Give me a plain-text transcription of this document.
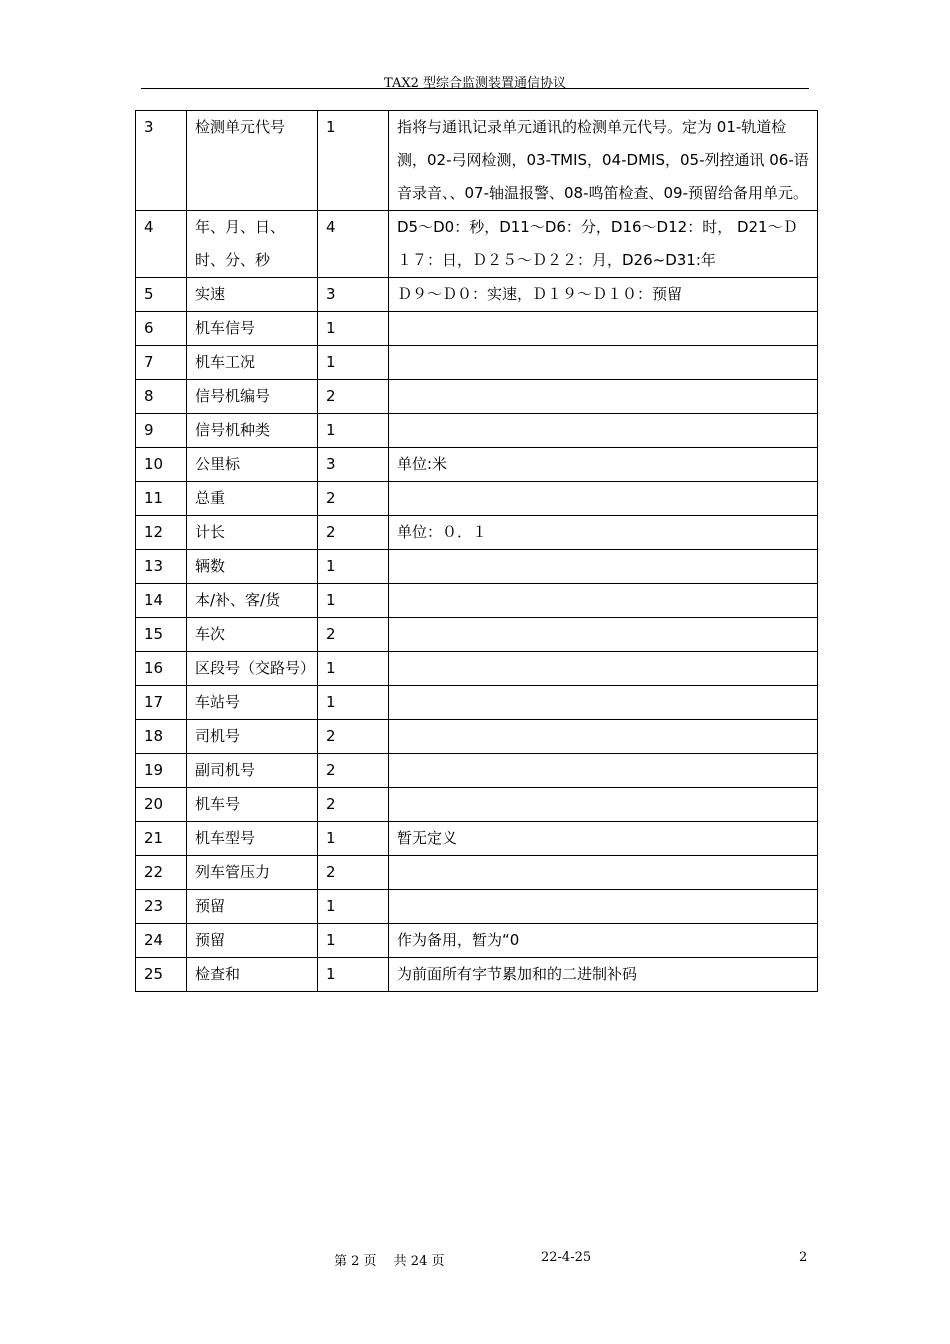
TAX2 型综合监测装置通信协议
3	检测单元代号	1	指将与通讯记录单元通讯的检测单元代号。定为 01-轨道检测，02-弓网检测，03-TMIS，04-DMIS，05-列控通讯 06-语音录音、、07-轴温报警、08-鸣笛检查、09-预留给备用单元。
4	年、月、日、时、分、秒	4	D5～D0：秒，D11～D6：分，D16～D12：时， D21～Ｄ１７：日，Ｄ２５～Ｄ２２：月，D26~D31:年
5	实速	3	Ｄ９～Ｄ０：实速，Ｄ１９～Ｄ１０：预留
6	机车信号	1	
7	机车工况	1	
8	信号机编号	2	
9	信号机种类	1	
10	公里标	3	单位:米
11	总重	2	
12	计长	2	单位：０．１
13	辆数	1	
14	本/补、客/货	1	
15	车次	2	
16	区段号（交路号）	1	
17	车站号	1	
18	司机号	2	
19	副司机号	2	
20	机车号	2	
21	机车型号	1	暂无定义
22	列车管压力	2	
23	预留	1	
24	预留	1	作为备用，暂为“0
25	检查和	1	为前面所有字节累加和的二进制补码
第 2 页　 共 24 页	22-4-25	2
